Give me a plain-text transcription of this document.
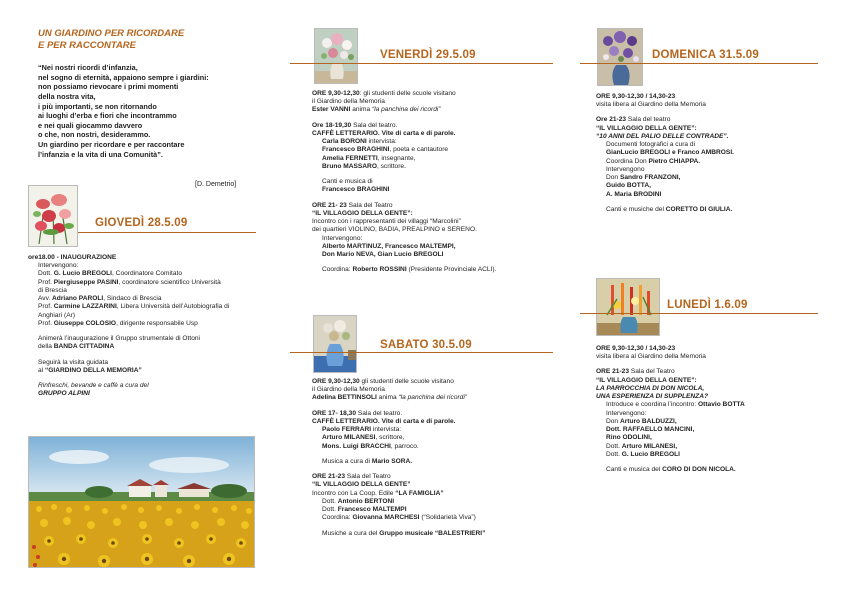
UN GIARDINO PER RICORDARE
E PER RACCONTARE
“Nei nostri ricordi d’infanzia,
nel sogno di eternità, appaiono sempre i giardini:
non possiamo rievocare i primi momenti
della nostra vita,
i più importanti, se non ritornando
ai luoghi d’erba e fiori che incontrammo
e nei quali giocammo davvero
o che, non nostri, desiderammo.
Un giardino per ricordare e per raccontare
l’infanzia e la vita di una Comunità”.
[D. Demetrio]
GIOVEDÌ 28.5.09
ore18.00 - INAUGURAZIONE
Intervengono:
Dott. G. Lucio BREGOLI, Coordinatore Comitato
Prof. Piergiuseppe PASINI, coordinatore scientifico Università
di Brescia
Avv. Adriano PAROLI, Sindaco di Brescia
Prof. Carmine LAZZARINI, Libera Università dell’Autobiografia di
Anghiari (Ar)
Prof. Giuseppe COLOSIO, dirigente responsabile Usp
Animerà l’inaugurazione il Gruppo strumentale di Ottoni
della BANDA CITTADINA
Seguirà la visita guidata
al “GIARDINO DELLA MEMORIA”
Rinfreschi, bevande e caffè a cura del
GRUPPO ALPINI
VENERDÌ 29.5.09
ORE 9,30-12,30: gli studenti delle scuole visitano
il Giardino della Memoria
Ester VANNI anima “la panchina dei ricordi”
Ore 18-19,30 Sala del teatro.
CAFFÈ LETTERARIO. Vite di carta e di parole.
Carla BORONI intervista:
Francesco BRAGHINI, poeta e cantautore
Amelia FERNETTI, insegnante,
Bruno MASSARO, scrittore.
Canti e musica di
Francesco BRAGHINI
ORE 21- 23 Sala del Teatro
“IL VILLAGGIO DELLA GENTE”:
Incontro con i rappresentanti dei villaggi “Marcolini”
dei quartieri VIOLINO, BADIA, PREALPINO e SERENO.
Intervengono:
Alberto MARTINUZ, Francesco MALTEMPI,
Don Mario NEVA, Gian Lucio BREGOLI
Coordina: Roberto ROSSINI (Presidente Provinciale ACLI).
SABATO 30.5.09
ORE 9,30-12,30 gli studenti delle scuole visitano
il Giardino della Memoria
Adelina BETTINSOLI anima “la panchina dei ricordi”
ORE 17- 18,30 Sala del teatro.
CAFFÈ LETTERARIO. Vite di carta e di parole.
Paolo FERRARI intervista:
Arturo MILANESI, scrittore,
Mons. Luigi BRACCHI, parroco.
Musica a cura di Mario SORA.
ORE 21-23 Sala del Teatro
“IL VILLAGGIO DELLA GENTE”
Incontro con La Coop. Edile “LA FAMIGLIA”
Dott. Antonio BERTONI
Dott. Francesco MALTEMPI
Coordina: Giovanna MARCHESI (“Solidarietà Viva”)
Musiche a cura del Gruppo musicale “BALESTRIERI”
DOMENICA 31.5.09
ORE 9,30-12,30 / 14,30-23
visita libera al Giardino della Memoria
Ore 21-23 Sala del teatro
“IL VILLAGGIO DELLA GENTE”:
“10 ANNI DEL PALIO DELLE CONTRADE”.
Documenti fotografici a cura di
GianLucio BREGOLI e Franco AMBROSI.
Coordina Don Pietro CHIAPPA.
Intervengono
Don Sandro FRANZONI,
Guido BOTTA,
A. Maria BRODINI
Canti e musiche del CORETTO DI GIULIA.
LUNEDÌ 1.6.09
ORE 9,30-12,30 / 14,30-23
visita libera al Giardino della Memoria
ORE 21-23 Sala del Teatro
“IL VILLAGGIO DELLA GENTE”:
LA PARROCCHIA DI DON NICOLA,
UNA ESPERIENZA DI SUPPLENZA?
Introduce e coordina l’incontro: Ottavio BOTTA
Intervengono:
Don Arturo BALDUZZI,
Dott. RAFFAELLO MANCINI,
Rino ODOLINI,
Dott. Arturo MILANESI,
Dott. G. Lucio BREGOLI
Canti e musica del CORO DI DON NICOLA.
